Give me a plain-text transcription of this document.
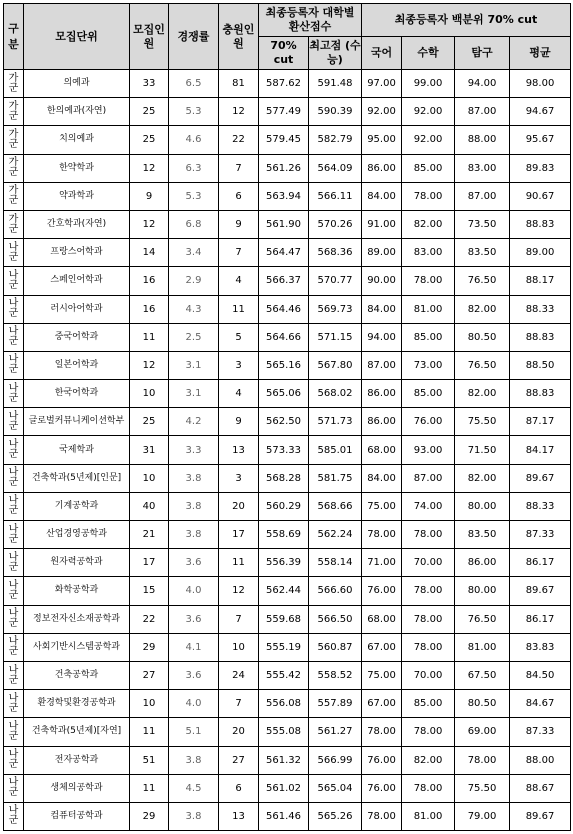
구분	모집단위	모집인원	경쟁률	충원인원	최종등록자 대학별 환산점수		최종등록자 백분위 70% cut			
					70% cut	최고점 (수능)	국어	수학	탐구	평균
가군	의예과	33	6.5	81	587.62	591.48	97.00	99.00	94.00	98.00
가군	한의예과(자연)	25	5.3	12	577.49	590.39	92.00	92.00	87.00	94.67
가군	치의예과	25	4.6	22	579.45	582.79	95.00	92.00	88.00	95.67
가군	한약학과	12	6.3	7	561.26	564.09	86.00	85.00	83.00	89.83
가군	약과학과	9	5.3	6	563.94	566.11	84.00	78.00	87.00	90.67
가군	간호학과(자연)	12	6.8	9	561.90	570.26	91.00	82.00	73.50	88.83
나군	프랑스어학과	14	3.4	7	564.47	568.36	89.00	83.00	83.50	89.00
나군	스페인어학과	16	2.9	4	566.37	570.77	90.00	78.00	76.50	88.17
나군	러시아어학과	16	4.3	11	564.46	569.73	84.00	81.00	82.00	88.33
나군	중국어학과	11	2.5	5	564.66	571.15	94.00	85.00	80.50	88.83
나군	일본어학과	12	3.1	3	565.16	567.80	87.00	73.00	76.50	88.50
나군	한국어학과	10	3.1	4	565.06	568.02	86.00	85.00	82.00	88.83
나군	글로벌커뮤니케이션학부	25	4.2	9	562.50	571.73	86.00	76.00	75.50	87.17
나군	국제학과	31	3.3	13	573.33	585.01	68.00	93.00	71.50	84.17
나군	건축학과(5년제)[인문]	10	3.8	3	568.28	581.75	84.00	87.00	82.00	89.67
나군	기계공학과	40	3.8	20	560.29	568.66	75.00	74.00	80.00	88.33
나군	산업경영공학과	21	3.8	17	558.69	562.24	78.00	78.00	83.50	87.33
나군	원자력공학과	17	3.6	11	556.39	558.14	71.00	70.00	86.00	86.17
나군	화학공학과	15	4.0	12	562.44	566.60	76.00	78.00	80.00	89.67
나군	정보전자신소재공학과	22	3.6	7	559.68	566.50	68.00	78.00	76.50	86.17
나군	사회기반시스템공학과	29	4.1	10	555.19	560.87	67.00	78.00	81.00	83.83
나군	건축공학과	27	3.6	24	555.42	558.52	75.00	70.00	67.50	84.50
나군	환경학및환경공학과	10	4.0	7	556.08	557.89	67.00	85.00	80.50	84.67
나군	건축학과(5년제)[자연]	11	5.1	20	555.08	561.27	78.00	78.00	69.00	87.33
나군	전자공학과	51	3.8	27	561.32	566.99	76.00	82.00	78.00	88.00
나군	생체의공학과	11	4.5	6	561.02	565.04	76.00	78.00	75.50	88.67
나군	컴퓨터공학과	29	3.8	13	561.46	565.26	78.00	81.00	79.00	89.67
